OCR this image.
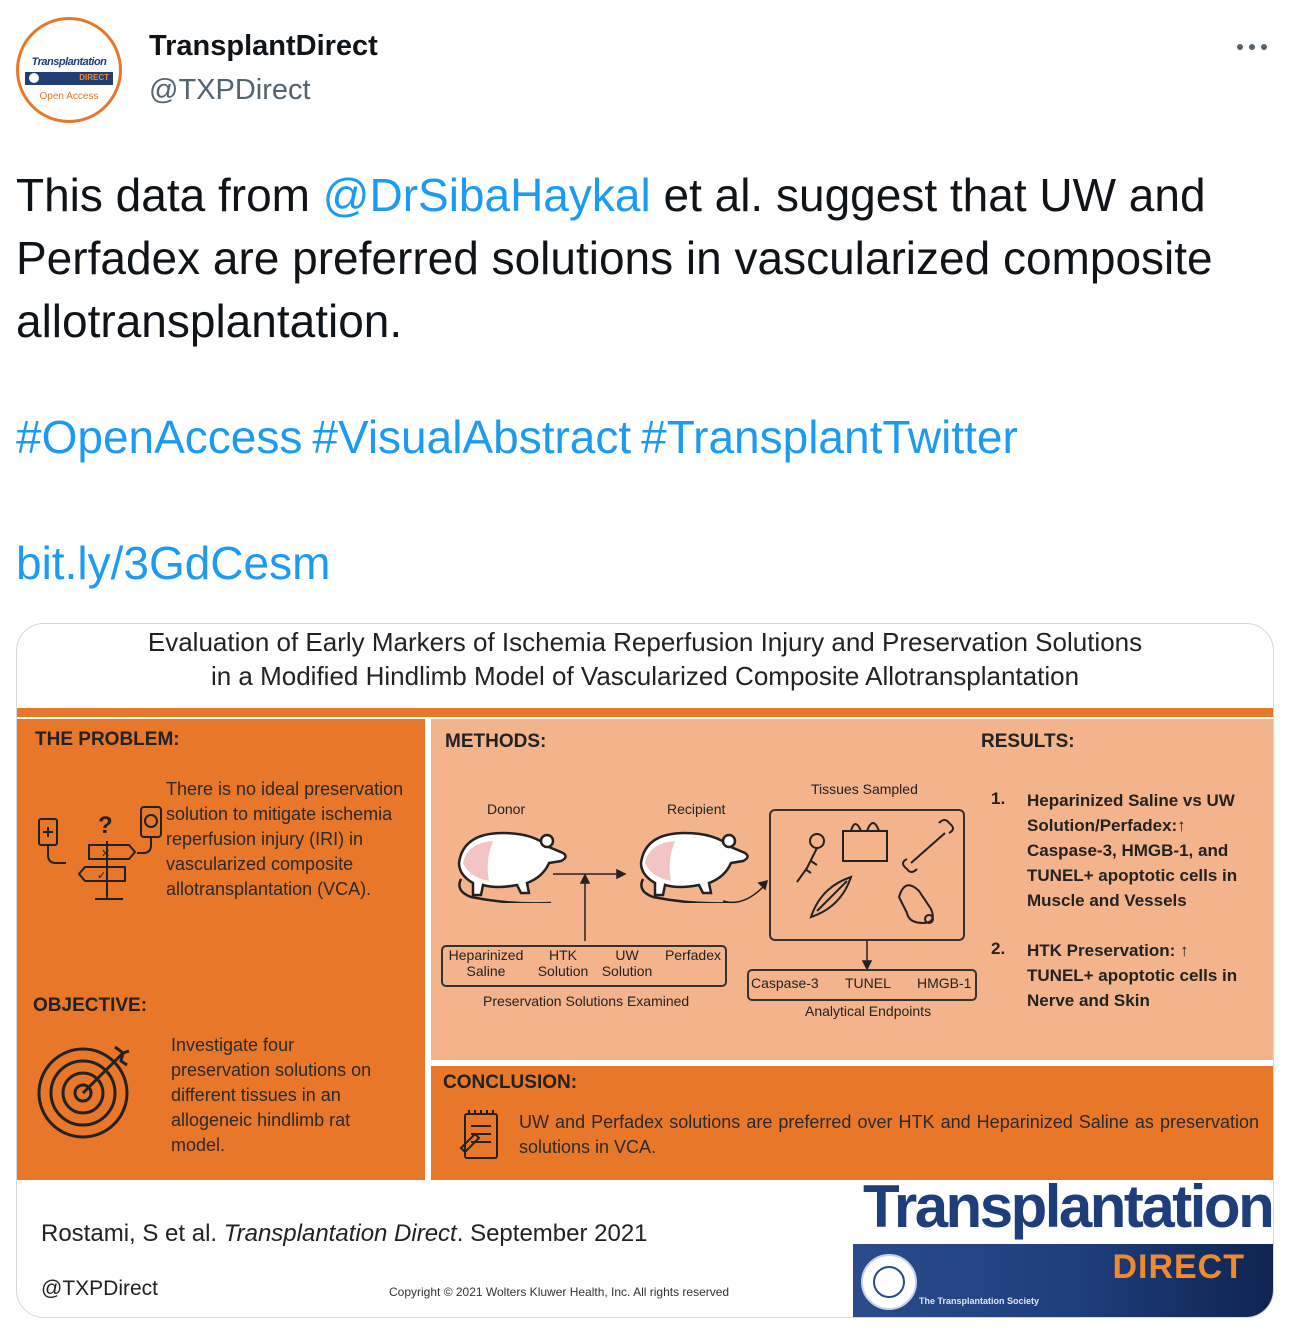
Transplantation
DIRECT
Open Access
TransplantDirect
@TXPDirect

This data from @DrSibaHaykal et al. suggest that UW and Perfadex are preferred solutions in vascularized composite allotransplantation.

#OpenAccess #VisualAbstract #TransplantTwitter
bit.ly/3GdCesm
Evaluation of Early Markers of Ischemia Reperfusion Injury and Preservation Solutions
in a Modified Hindlimb Model of Vascularized Composite Allotransplantation
THE PROBLEM:
?
✕
✓
There is no ideal preservation solution to mitigate ischemia reperfusion injury (IRI) in vascularized composite allotransplantation (VCA).
OBJECTIVE:
Investigate four preservation solutions on different tissues in an allogeneic hindlimb rat model.
METHODS:
Donor	Recipient
Tissues Sampled
Heparinized Saline
HTK Solution
UW Solution
Perfadex
Preservation Solutions Examined
Caspase-3 TUNEL HMGB-1
Analytical Endpoints
RESULTS:
1. Heparinized Saline vs UW Solution/Perfadex:↑ Caspase-3, HMGB-1, and TUNEL+ apoptotic cells in Muscle and Vessels
2. HTK Preservation: ↑ TUNEL+ apoptotic cells in Nerve and Skin
CONCLUSION:
UW and Perfadex solutions are preferred over HTK and Heparinized Saline as preservation solutions in VCA.
Rostami, S et al. Transplantation Direct. September 2021
@TXPDirect	Copyright © 2021 Wolters Kluwer Health, Inc. All rights reserved
Transplantation
DIRECT
The Transplantation Society
